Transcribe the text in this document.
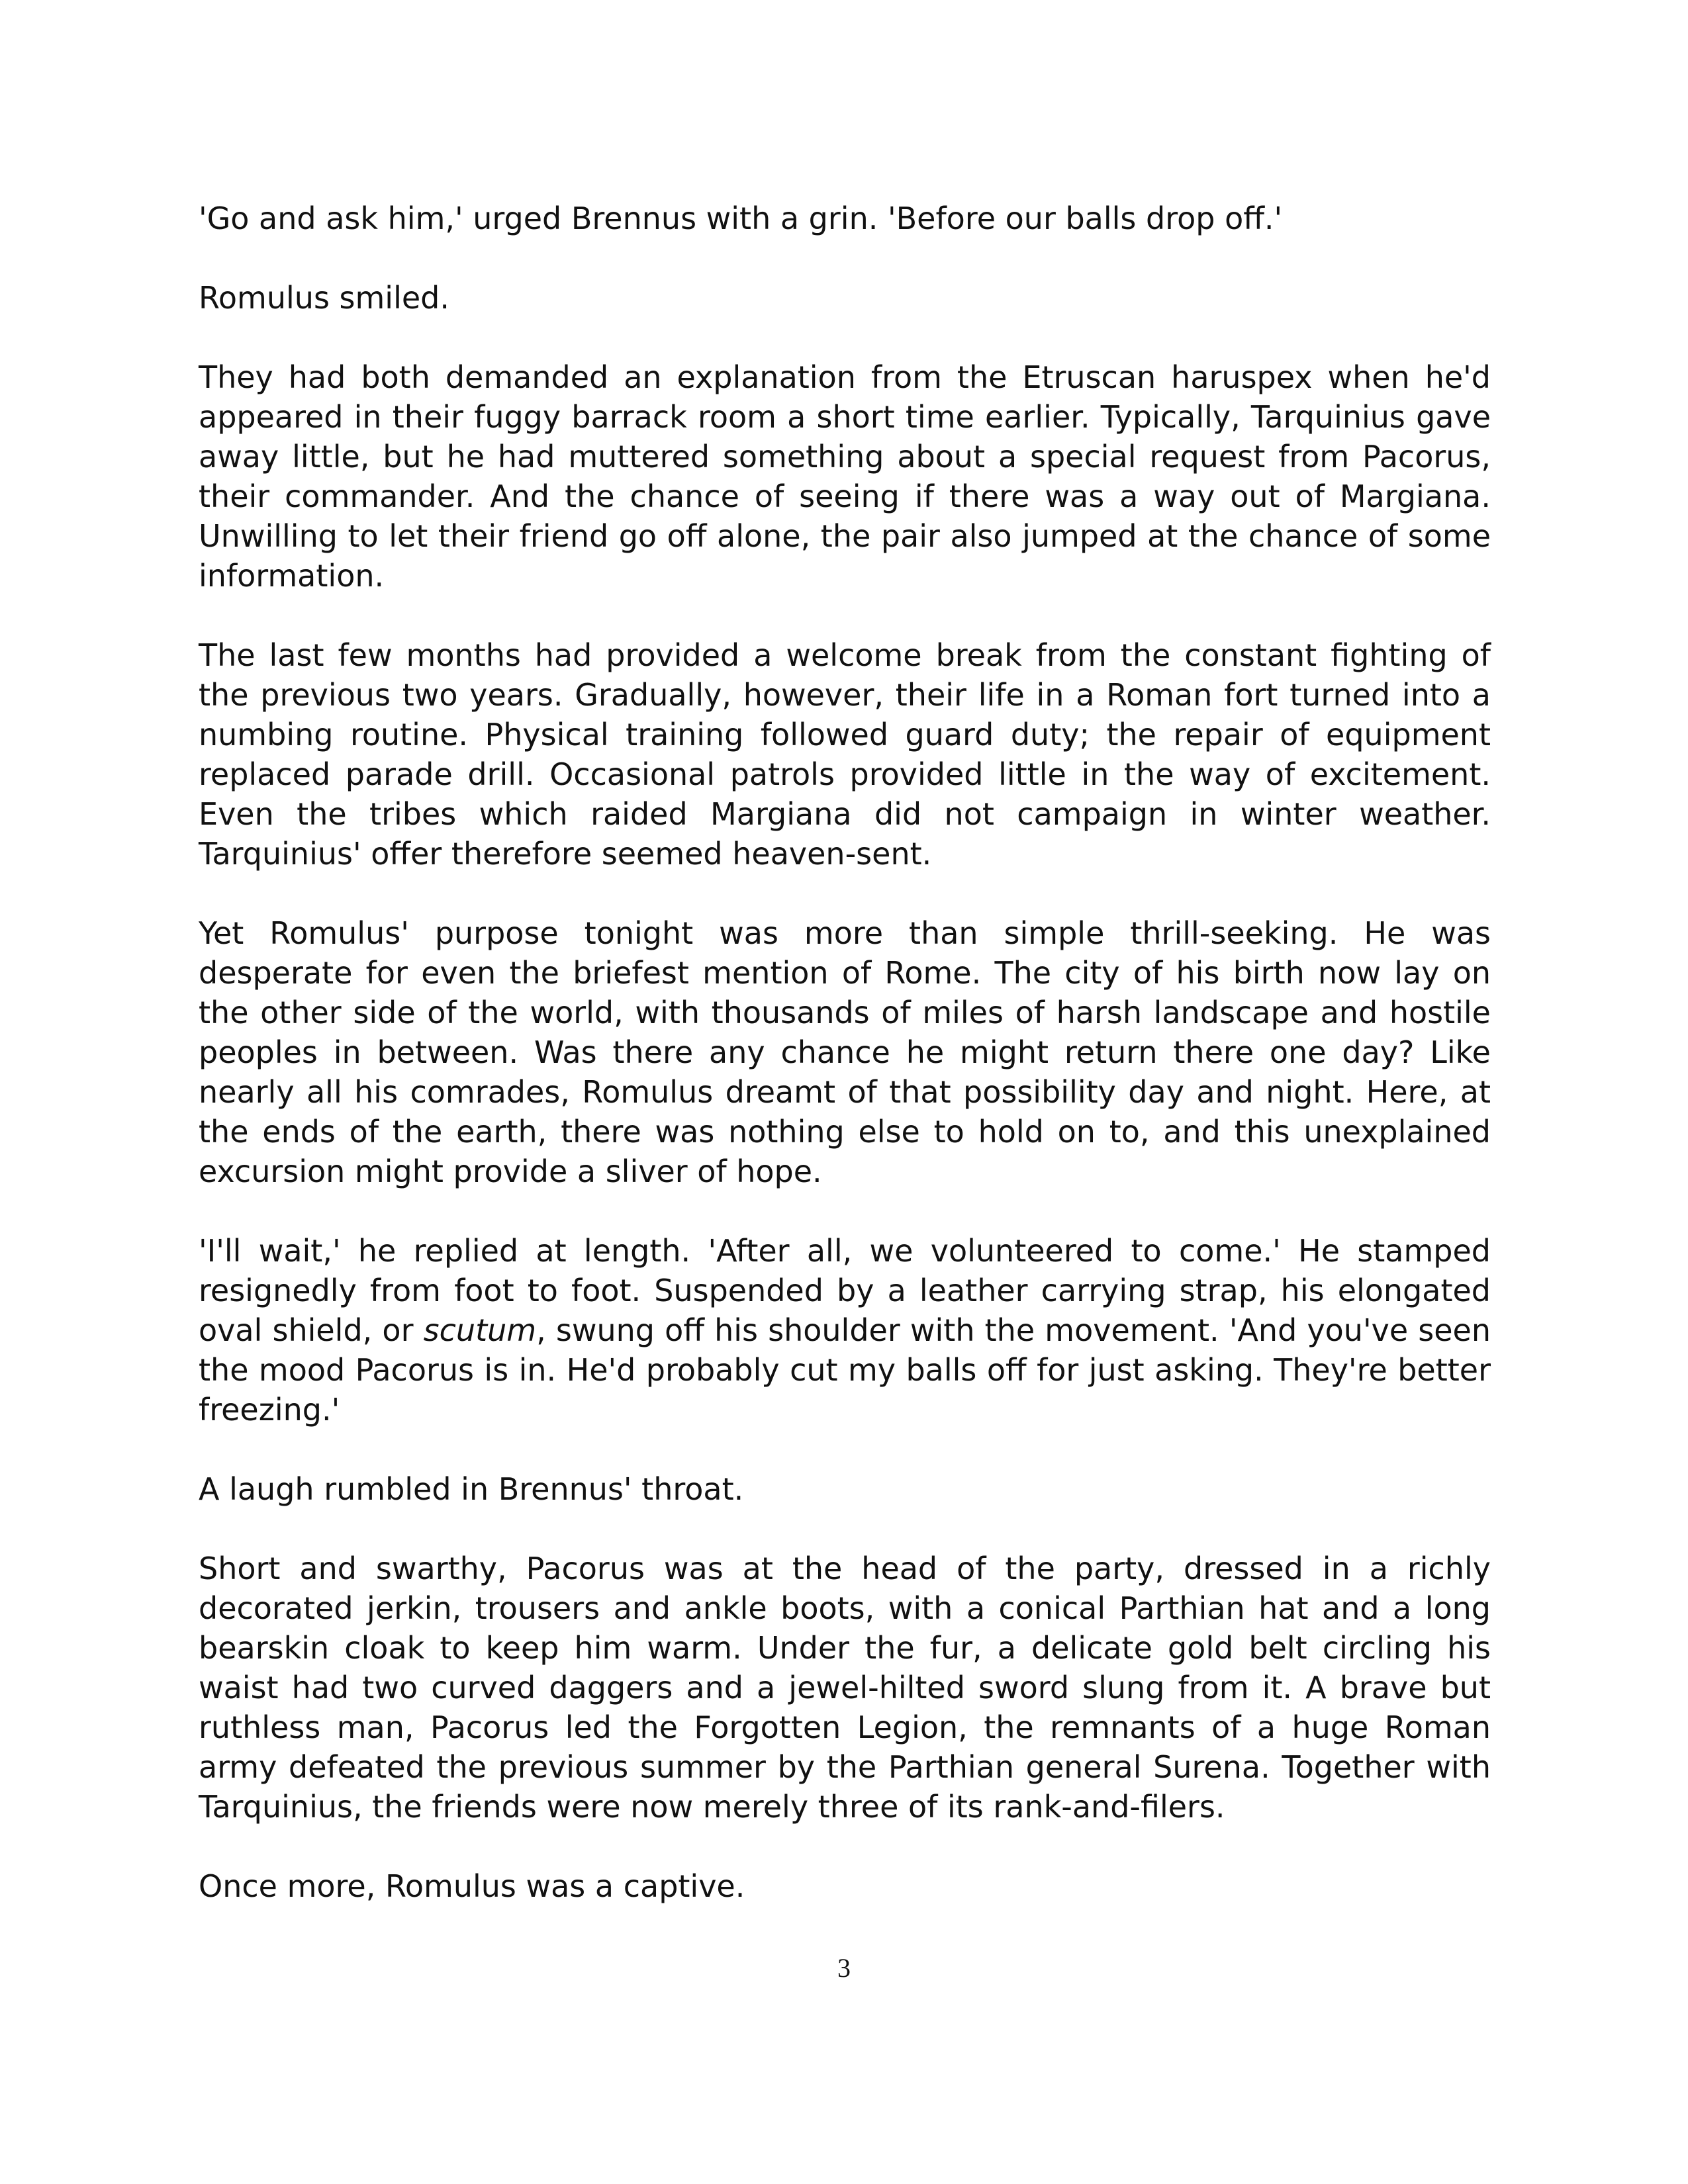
'Go and ask him,' urged Brennus with a grin. 'Before our balls drop off.'

Romulus smiled.

They had both demanded an explanation from the Etruscan haruspex when he'd appeared in their fuggy barrack room a short time earlier. Typically, Tarquinius gave away little, but he had muttered something about a special request from Pacorus, their commander. And the chance of seeing if there was a way out of Margiana. Unwilling to let their friend go off alone, the pair also jumped at the chance of some information.

The last few months had provided a welcome break from the constant fighting of the previous two years. Gradually, however, their life in a Roman fort turned into a numbing routine. Physical training followed guard duty; the repair of equipment replaced parade drill. Occasional patrols provided little in the way of excitement. Even the tribes which raided Margiana did not campaign in winter weather. Tarquinius' offer therefore seemed heaven-sent.

Yet Romulus' purpose tonight was more than simple thrill-seeking. He was desperate for even the briefest mention of Rome. The city of his birth now lay on the other side of the world, with thousands of miles of harsh landscape and hostile peoples in between. Was there any chance he might return there one day? Like nearly all his comrades, Romulus dreamt of that possibility day and night. Here, at the ends of the earth, there was nothing else to hold on to, and this unexplained excursion might provide a sliver of hope.

'I'll wait,' he replied at length. 'After all, we volunteered to come.' He stamped resignedly from foot to foot. Suspended by a leather carrying strap, his elongated oval shield, or scutum, swung off his shoulder with the movement. 'And you've seen the mood Pacorus is in. He'd probably cut my balls off for just asking. They're better freezing.'

A laugh rumbled in Brennus' throat.

Short and swarthy, Pacorus was at the head of the party, dressed in a richly decorated jerkin, trousers and ankle boots, with a conical Parthian hat and a long bearskin cloak to keep him warm. Under the fur, a delicate gold belt circling his waist had two curved daggers and a jewel-hilted sword slung from it. A brave but ruthless man, Pacorus led the Forgotten Legion, the remnants of a huge Roman army defeated the previous summer by the Parthian general Surena. Together with Tarquinius, the friends were now merely three of its rank-and-filers.

Once more, Romulus was a captive.

3
